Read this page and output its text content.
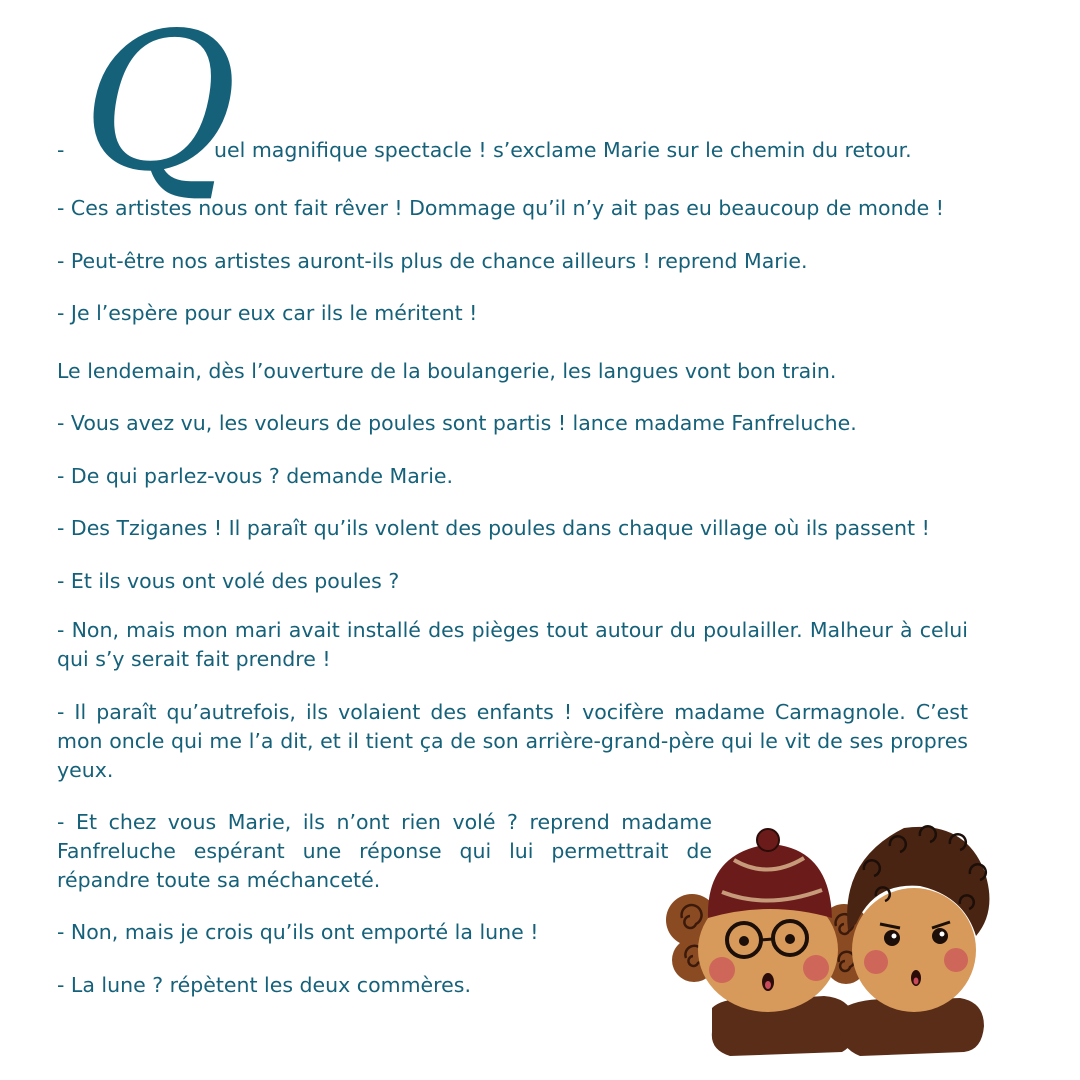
Q
-	uel magnifique spectacle ! s’exclame Marie sur le chemin du retour.

- Ces artistes nous ont fait rêver ! Dommage qu’il n’y ait pas eu beaucoup de monde !

- Peut-être nos artistes auront-ils plus de chance ailleurs ! reprend Marie.

- Je l’espère pour eux car ils le méritent !

Le lendemain, dès l’ouverture de la boulangerie, les langues vont bon train.

- Vous avez vu, les voleurs de poules sont partis ! lance madame Fanfreluche.

- De qui parlez-vous ? demande Marie.

- Des Tziganes ! Il paraît qu’ils volent des poules dans chaque village où ils passent !

- Et ils vous ont volé des poules ?

- Non, mais mon mari avait installé des pièges tout autour du poulailler. Malheur à celui qui s’y serait fait prendre !

- Il paraît qu’autrefois, ils volaient des enfants ! vocifère madame Carmagnole. C’est mon oncle qui me l’a dit, et il tient ça de son arrière-grand-père qui le vit de ses propres yeux.

- Et chez vous Marie, ils n’ont rien volé ? reprend madame Fanfreluche espérant une réponse qui lui permettrait de répandre toute sa méchanceté.

- Non, mais je crois qu’ils ont emporté la lune !

- La lune ? répètent les deux commères.
